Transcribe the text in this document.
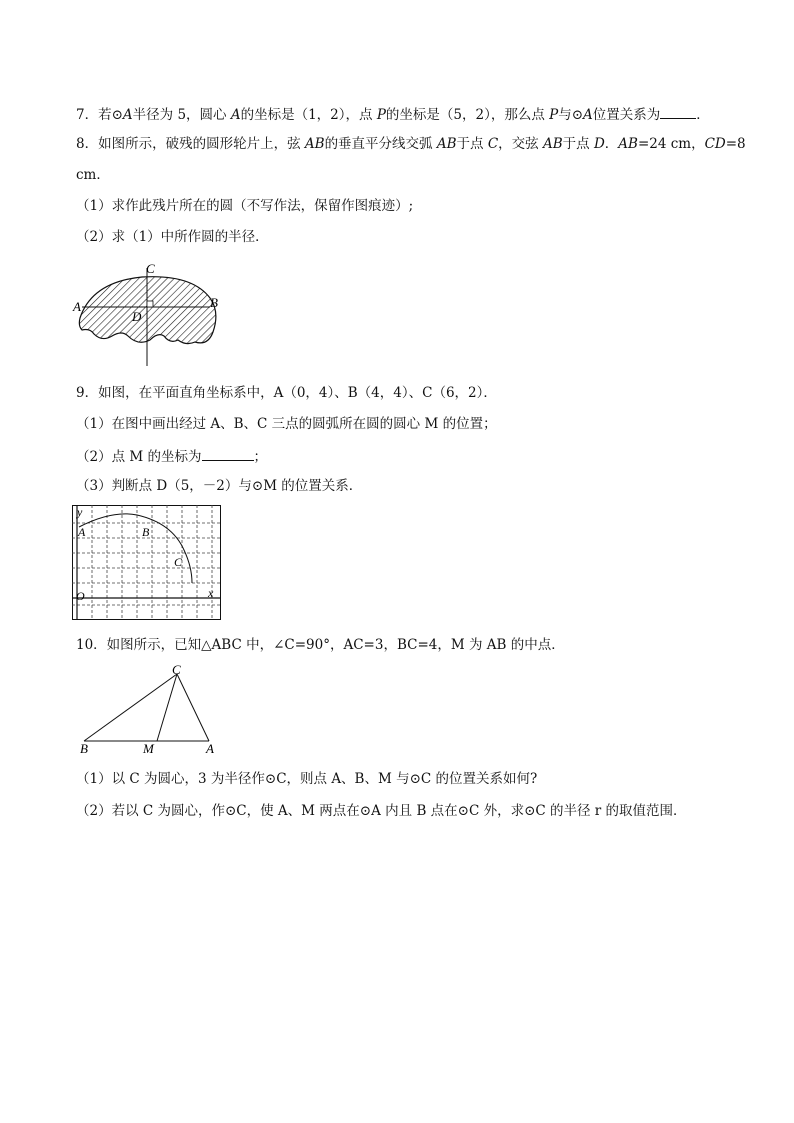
7．若⊙A半径为 5，圆心 A的坐标是（1，2），点 P的坐标是（5，2），那么点 P与⊙A位置关系为	．
8．如图所示，破残的圆形轮片上，弦 AB的垂直平分线交弧 AB于点 C，交弦 AB于点 D．AB=24 cm，CD=8
cm．
（1）求作此残片所在的圆（不写作法，保留作图痕迹）;
（2）求（1）中所作圆的半径．
C
A	B
D
9．如图，在平面直角坐标系中，A（0，4）、B（4，4）、C（6，2）．
（1）在图中画出经过 A、B、C 三点的圆弧所在圆的圆心 M 的位置；
（2）点 M 的坐标为	；
（3）判断点 D（5，－2）与⊙M 的位置关系．
y
A	B
C
O	x
10．如图所示，已知△ABC 中，∠C=90°，AC=3，BC=4，M 为 AB 的中点．
C
B	M	A
（1）以 C 为圆心，3 为半径作⊙C，则点 A、B、M 与⊙C 的位置关系如何?
（2）若以 C 为圆心，作⊙C，使 A、M 两点在⊙A 内且 B 点在⊙C 外，求⊙C 的半径 r 的取值范围．
